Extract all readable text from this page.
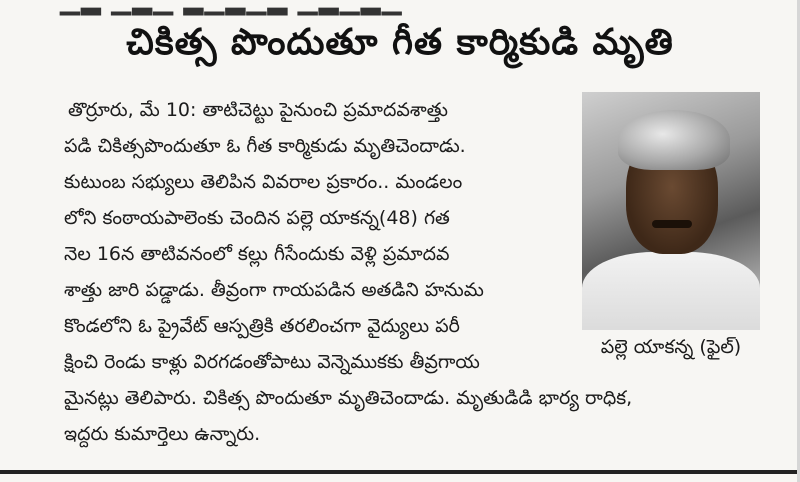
▁▂ ▁▂▁ ▂▁▂▁▂ ▁▂▁▂▁
చికిత్స పొందుతూ గీత కార్మికుడి మృతి
తొర్రూరు, మే 10: తాటిచెట్టు పైనుంచి ప్రమాదవశాత్తు
పడి చికిత్సపొందుతూ ఓ గీత కార్మికుడు మృతిచెందాడు.
కుటుంబ సభ్యులు తెలిపిన వివరాల ప్రకారం.. మండలం
లోని కంఠాయపాలెంకు చెందిన పల్లె యాకన్న(48) గత
నెల 16న తాటివనంలో కల్లు గీసేందుకు వెళ్లి ప్రమాదవ
శాత్తు జారి పడ్డాడు. తీవ్రంగా గాయపడిన అతడిని హనుమ
కొండలోని ఓ ప్రైవేట్ ఆస్పత్రికి తరలించగా వైద్యులు పరీ
క్షించి రెండు కాళ్లు విరగడంతోపాటు వెన్నెముకకు తీవ్రగాయ
పల్లె యాకన్న (ఫైల్)
మైనట్లు తెలిపారు. చికిత్స పొందుతూ మృతిచెందాడు. మృతుడిడి భార్య రాధిక,
ఇద్దరు కుమార్తెలు ఉన్నారు.
